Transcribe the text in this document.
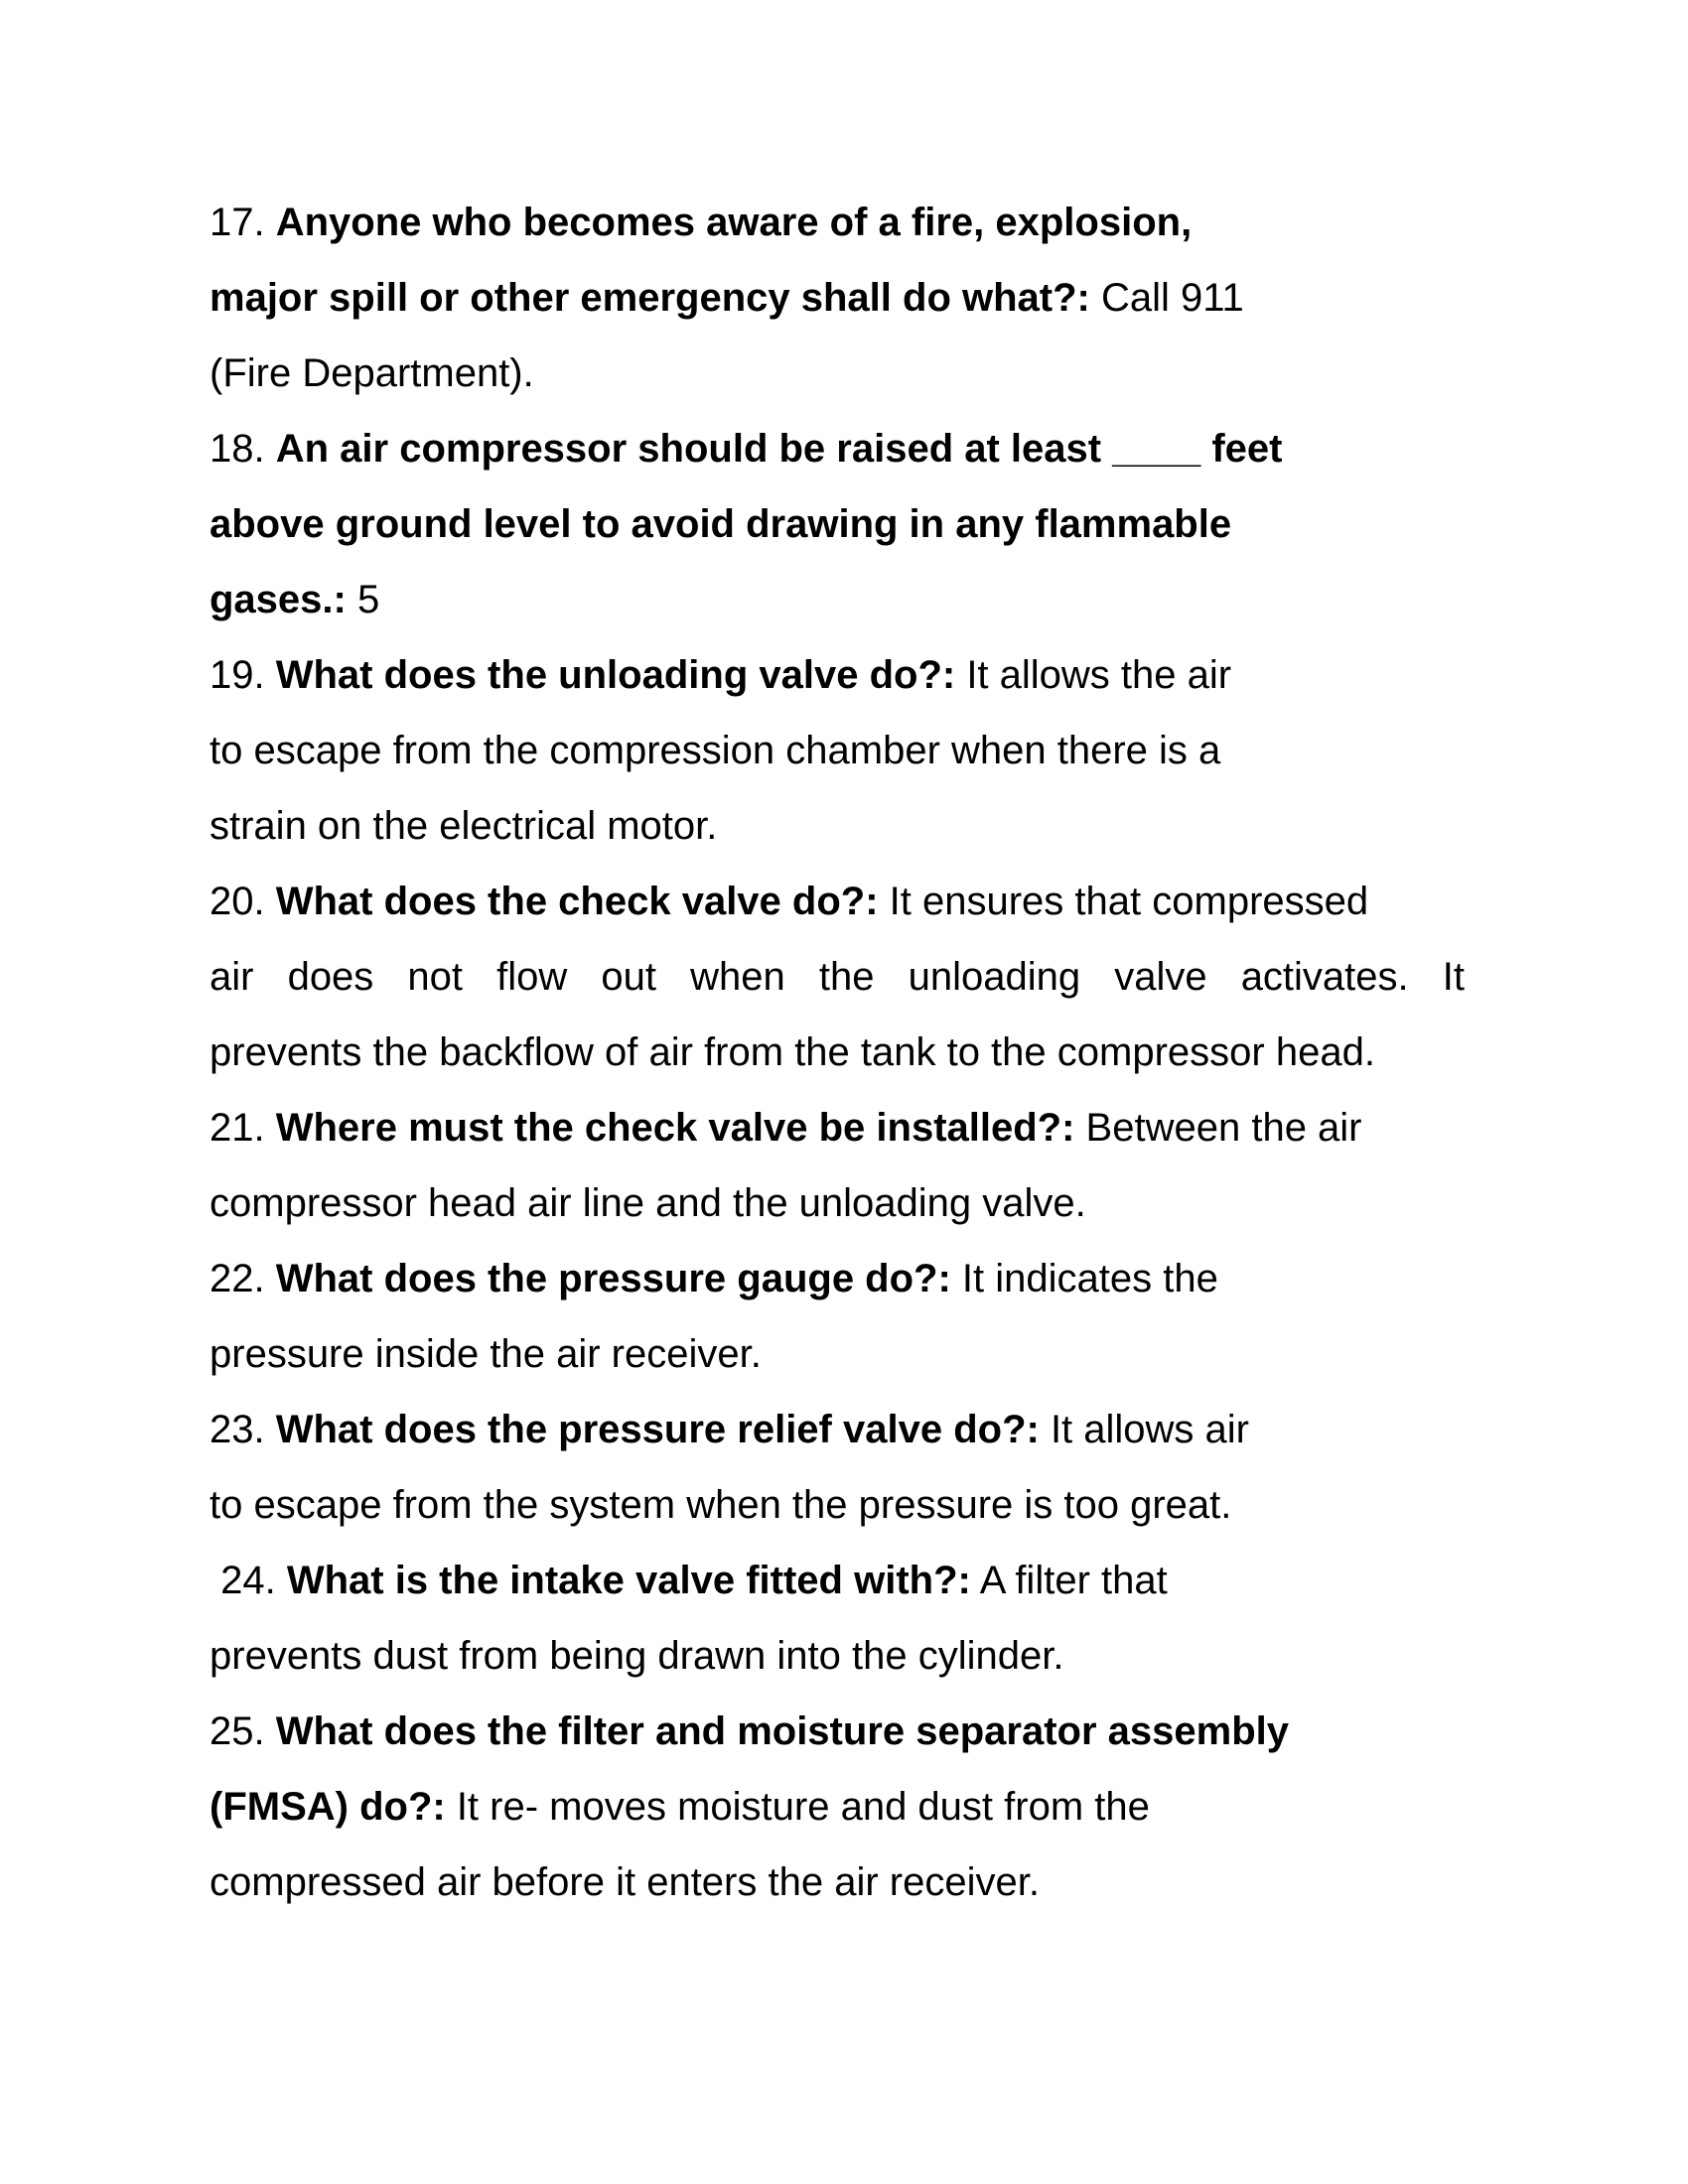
17. Anyone who becomes aware of a fire, explosion,
major spill or other emergency shall do what?: Call 911
(Fire Department).
18. An air compressor should be raised at least ____ feet
above ground level to avoid drawing in any flammable
gases.: 5
19. What does the unloading valve do?: It allows the air
to escape from the compression chamber when there is a
strain on the electrical motor.
20. What does the check valve do?: It ensures that compressed
air does not flow out when the unloading valve activates. It
prevents the backflow of air from the tank to the compressor head.
21. Where must the check valve be installed?: Between the air
compressor head air line and the unloading valve.
22. What does the pressure gauge do?: It indicates the
pressure inside the air receiver.
23. What does the pressure relief valve do?: It allows air
to escape from the system when the pressure is too great.
24. What is the intake valve fitted with?: A filter that
prevents dust from being drawn into the cylinder.
25. What does the filter and moisture separator assembly
(FMSA) do?: It re- moves moisture and dust from the
compressed air before it enters the air receiver.
